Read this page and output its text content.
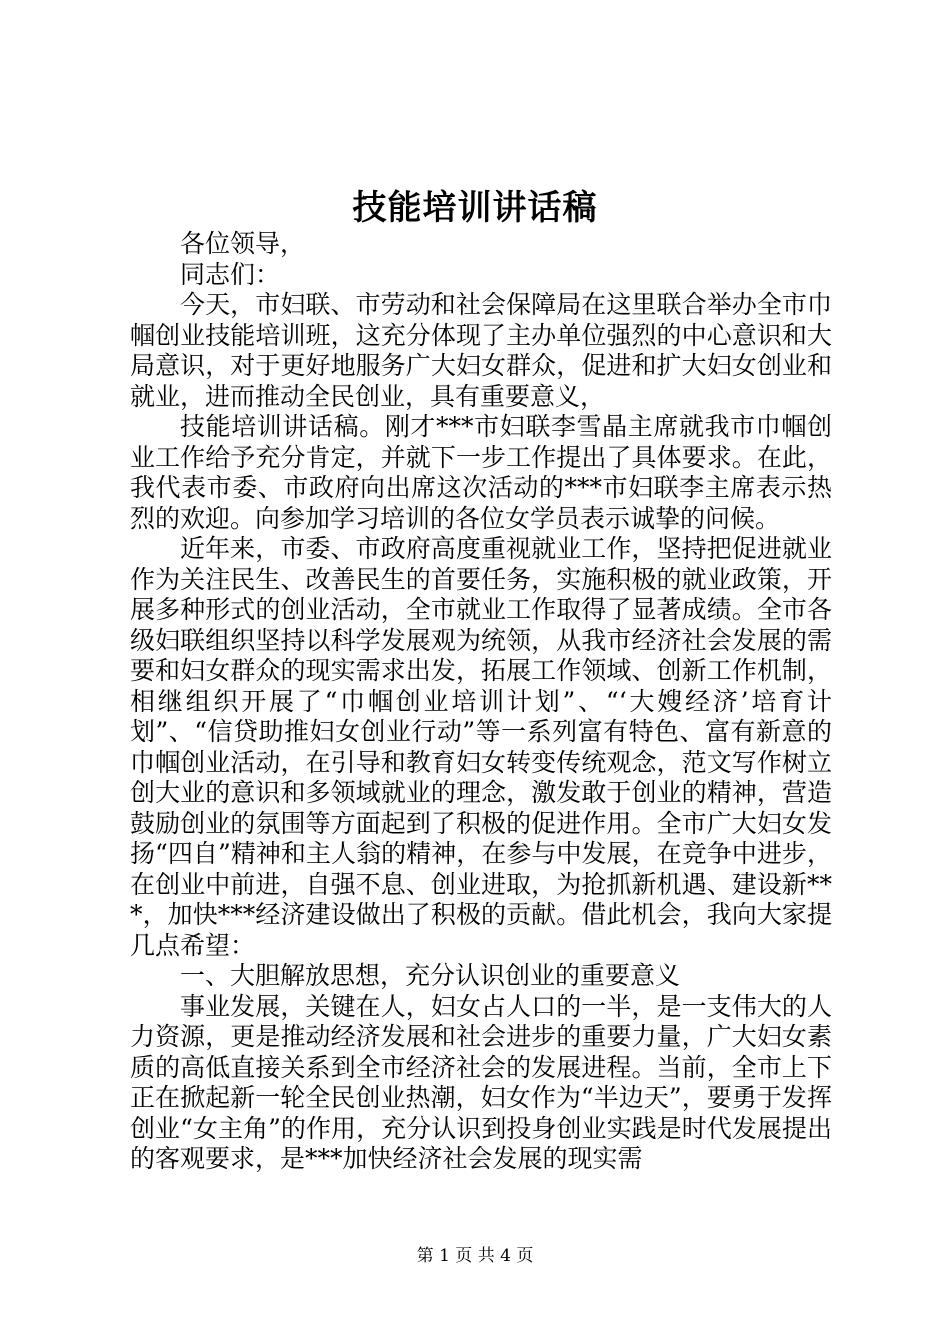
技能培训讲话稿

各位领导，

同志们：

今天，市妇联、市劳动和社会保障局在这里联合举办全市巾帼创业技能培训班，这充分体现了主办单位强烈的中心意识和大局意识，对于更好地服务广大妇女群众，促进和扩大妇女创业和就业，进而推动全民创业，具有重要意义，

技能培训讲话稿。刚才***市妇联李雪晶主席就我市巾帼创业工作给予充分肯定，并就下一步工作提出了具体要求。在此，我代表市委、市政府向出席这次活动的***市妇联李主席表示热烈的欢迎。向参加学习培训的各位女学员表示诚挚的问候。

近年来，市委、市政府高度重视就业工作，坚持把促进就业作为关注民生、改善民生的首要任务，实施积极的就业政策，开展多种形式的创业活动，全市就业工作取得了显著成绩。全市各级妇联组织坚持以科学发展观为统领，从我市经济社会发展的需要和妇女群众的现实需求出发，拓展工作领域、创新工作机制，相继组织开展了“巾帼创业培训计划”、“‘大嫂经济’培育计划”、“信贷助推妇女创业行动”等一系列富有特色、富有新意的巾帼创业活动，在引导和教育妇女转变传统观念，范文写作树立创大业的意识和多领域就业的理念，激发敢于创业的精神，营造鼓励创业的氛围等方面起到了积极的促进作用。全市广大妇女发扬“四自”精神和主人翁的精神，在参与中发展，在竞争中进步，在创业中前进，自强不息、创业进取，为抢抓新机遇、建设新***，加快***经济建设做出了积极的贡献。借此机会，我向大家提几点希望：

一、大胆解放思想，充分认识创业的重要意义

事业发展，关键在人，妇女占人口的一半，是一支伟大的人力资源，更是推动经济发展和社会进步的重要力量，广大妇女素质的高低直接关系到全市经济社会的发展进程。当前，全市上下正在掀起新一轮全民创业热潮，妇女作为“半边天”，要勇于发挥创业“女主角”的作用，充分认识到投身创业实践是时代发展提出的客观要求，是***加快经济社会发展的现实需

第 1 页 共 4 页
